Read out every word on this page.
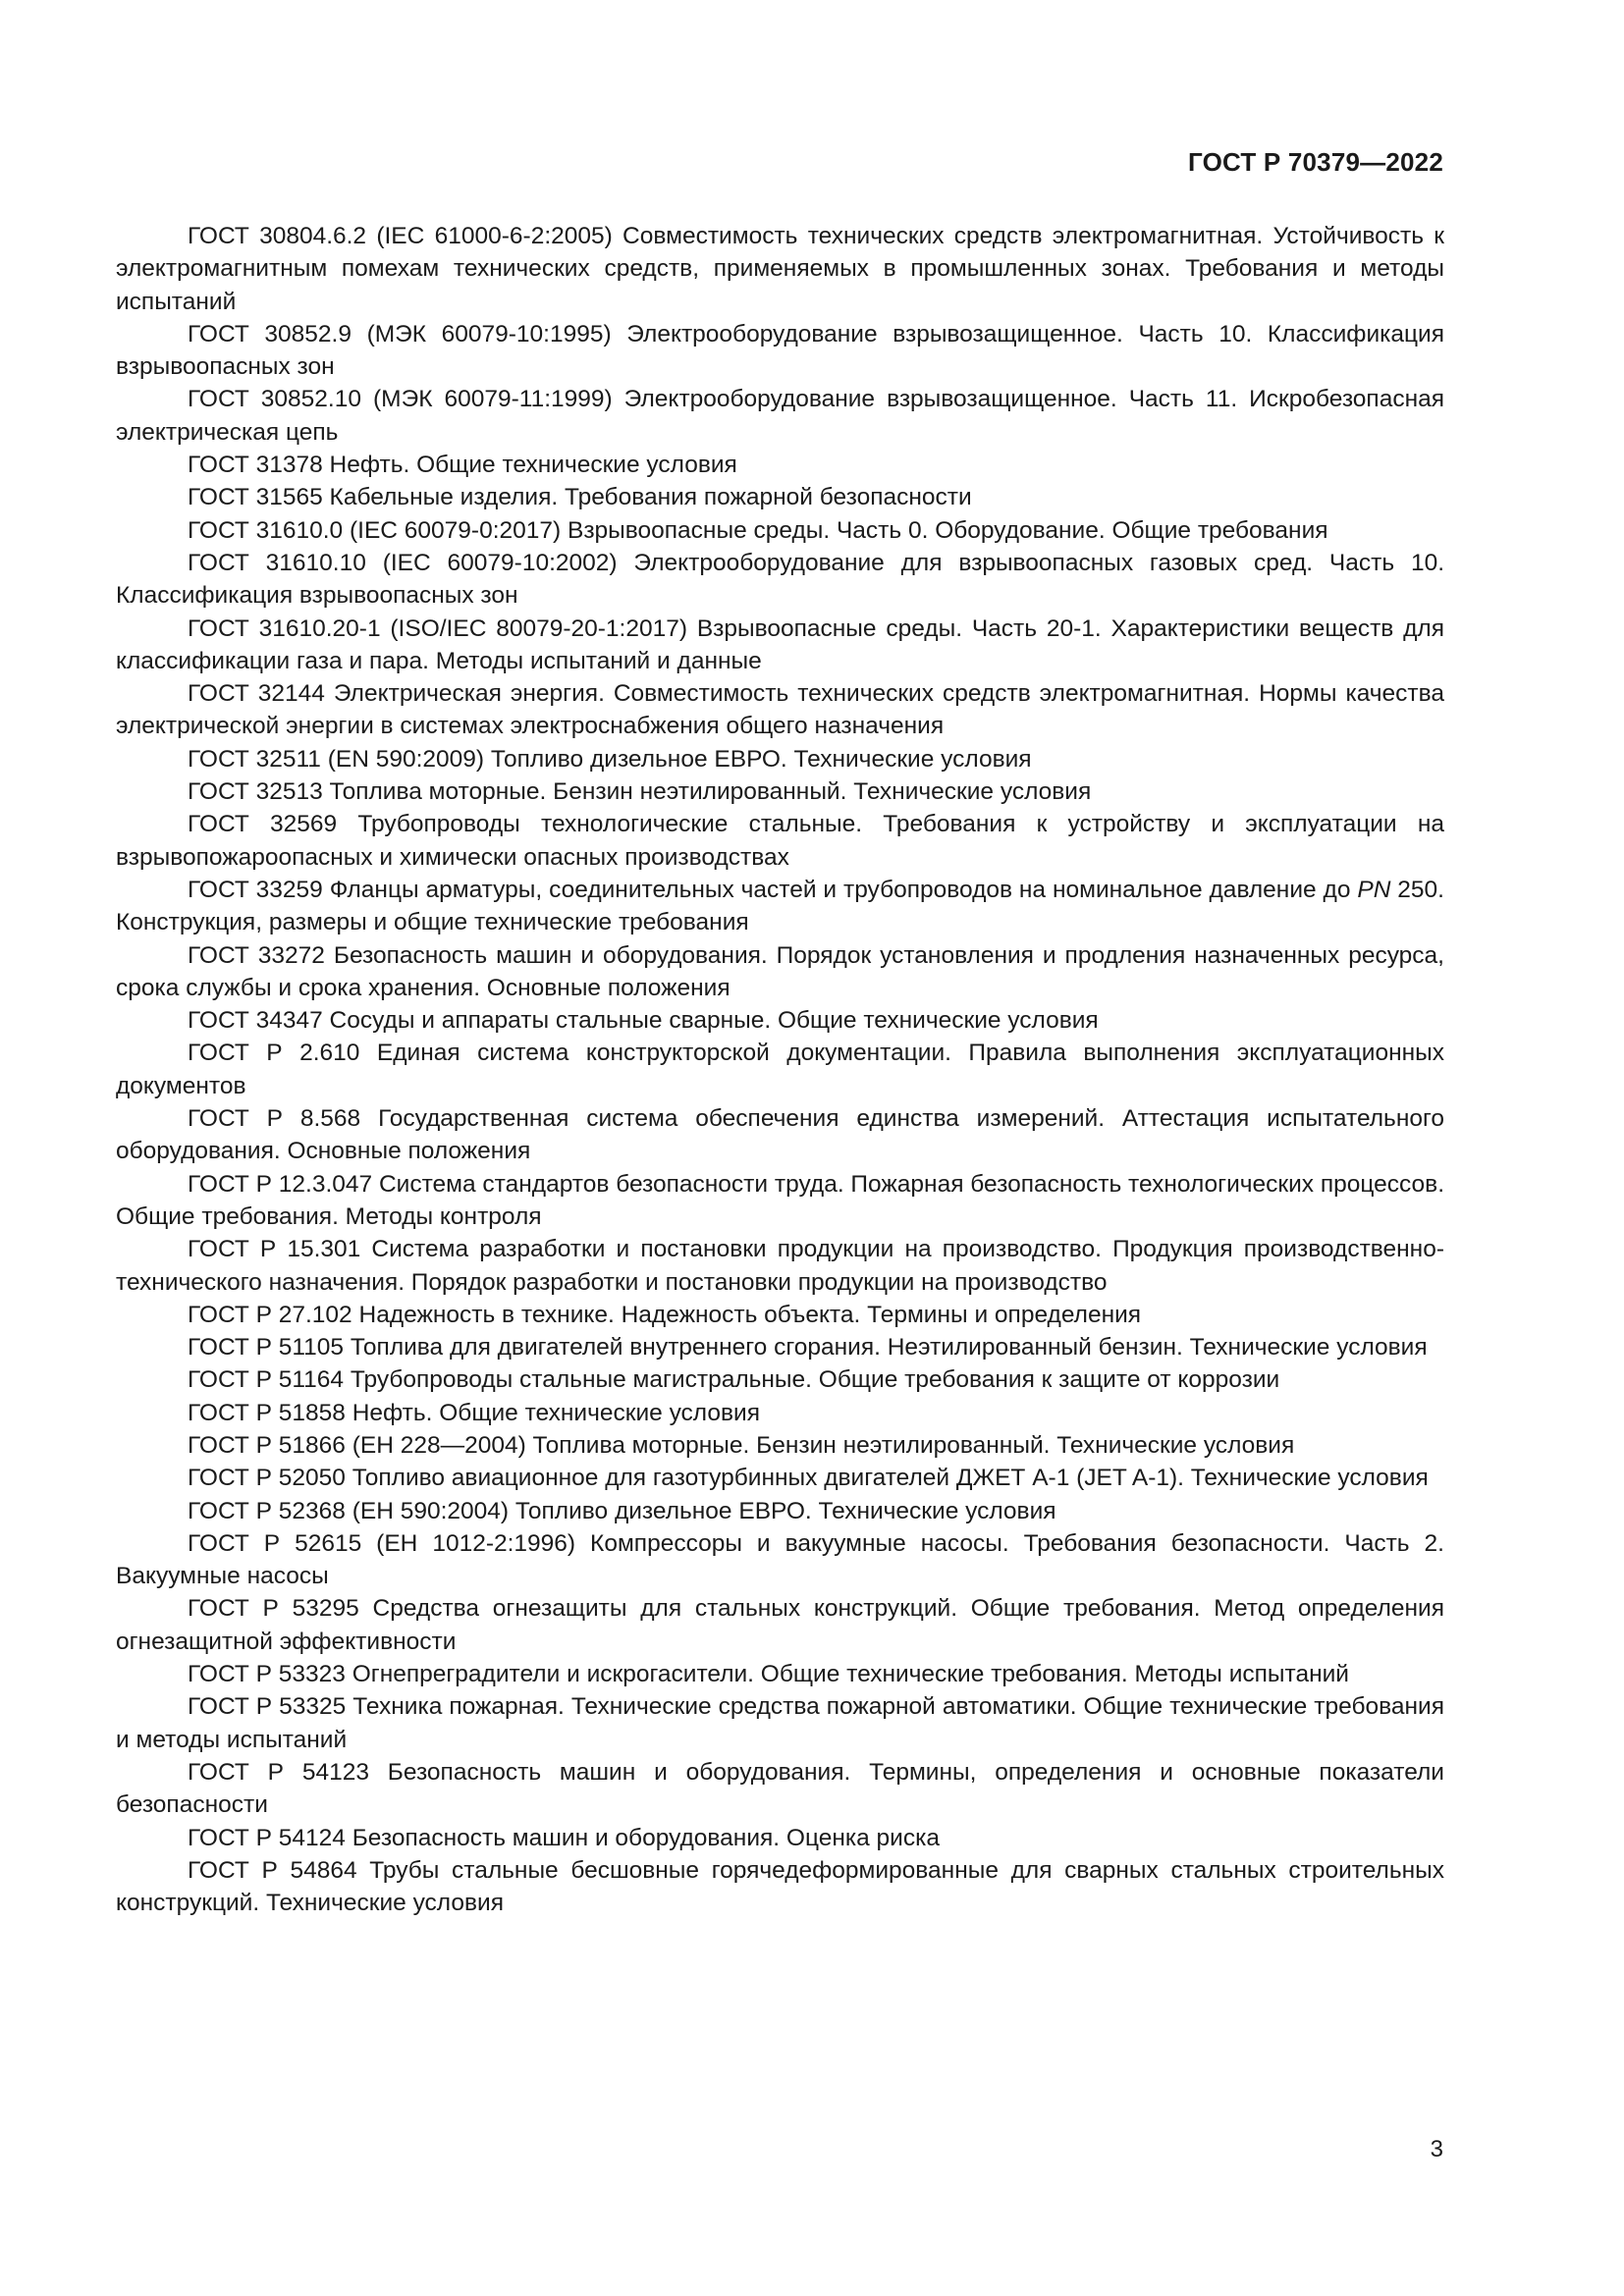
ГОСТ Р 70379—2022

ГОСТ 30804.6.2 (IEC 61000-6-2:2005) Совместимость технических средств электромагнитная. Устойчивость к электромагнитным помехам технических средств, применяемых в промышленных зонах. Требования и методы испытаний

ГОСТ 30852.9 (МЭК 60079-10:1995) Электрооборудование взрывозащищенное. Часть 10. Классификация взрывоопасных зон

ГОСТ 30852.10 (МЭК 60079-11:1999) Электрооборудование взрывозащищенное. Часть 11. Искробезопасная электрическая цепь

ГОСТ 31378 Нефть. Общие технические условия

ГОСТ 31565 Кабельные изделия. Требования пожарной безопасности

ГОСТ 31610.0 (IEC 60079-0:2017) Взрывоопасные среды. Часть 0. Оборудование. Общие требования

ГОСТ 31610.10 (IEC 60079-10:2002) Электрооборудование для взрывоопасных газовых сред. Часть 10. Классификация взрывоопасных зон

ГОСТ 31610.20-1 (ISO/IEC 80079-20-1:2017) Взрывоопасные среды. Часть 20-1. Характеристики веществ для классификации газа и пара. Методы испытаний и данные

ГОСТ 32144 Электрическая энергия. Совместимость технических средств электромагнитная. Нормы качества электрической энергии в системах электроснабжения общего назначения

ГОСТ 32511 (EN 590:2009) Топливо дизельное ЕВРО. Технические условия

ГОСТ 32513 Топлива моторные. Бензин неэтилированный. Технические условия

ГОСТ 32569 Трубопроводы технологические стальные. Требования к устройству и эксплуатации на взрывопожароопасных и химически опасных производствах

ГОСТ 33259 Фланцы арматуры, соединительных частей и трубопроводов на номинальное давление до PN 250. Конструкция, размеры и общие технические требования

ГОСТ 33272 Безопасность машин и оборудования. Порядок установления и продления назначенных ресурса, срока службы и срока хранения. Основные положения

ГОСТ 34347 Сосуды и аппараты стальные сварные. Общие технические условия

ГОСТ Р 2.610 Единая система конструкторской документации. Правила выполнения эксплуатационных документов

ГОСТ Р 8.568 Государственная система обеспечения единства измерений. Аттестация испытательного оборудования. Основные положения

ГОСТ Р 12.3.047 Система стандартов безопасности труда. Пожарная безопасность технологических процессов. Общие требования. Методы контроля

ГОСТ Р 15.301 Система разработки и постановки продукции на производство. Продукция производственно-технического назначения. Порядок разработки и постановки продукции на производство

ГОСТ Р 27.102 Надежность в технике. Надежность объекта. Термины и определения

ГОСТ Р 51105 Топлива для двигателей внутреннего сгорания. Неэтилированный бензин. Технические условия

ГОСТ Р 51164 Трубопроводы стальные магистральные. Общие требования к защите от коррозии

ГОСТ Р 51858 Нефть. Общие технические условия

ГОСТ Р 51866 (ЕН 228—2004) Топлива моторные. Бензин неэтилированный. Технические условия

ГОСТ Р 52050 Топливо авиационное для газотурбинных двигателей ДЖЕТ А-1 (JET A-1). Технические условия

ГОСТ Р 52368 (ЕН 590:2004) Топливо дизельное ЕВРО. Технические условия

ГОСТ Р 52615 (ЕН 1012-2:1996) Компрессоры и вакуумные насосы. Требования безопасности. Часть 2. Вакуумные насосы

ГОСТ Р 53295 Средства огнезащиты для стальных конструкций. Общие требования. Метод определения огнезащитной эффективности

ГОСТ Р 53323 Огнепреградители и искрогасители. Общие технические требования. Методы испытаний

ГОСТ Р 53325 Техника пожарная. Технические средства пожарной автоматики. Общие технические требования и методы испытаний

ГОСТ Р 54123 Безопасность машин и оборудования. Термины, определения и основные показатели безопасности

ГОСТ Р 54124 Безопасность машин и оборудования. Оценка риска

ГОСТ Р 54864 Трубы стальные бесшовные горячедеформированные для сварных стальных строительных конструкций. Технические условия

3
